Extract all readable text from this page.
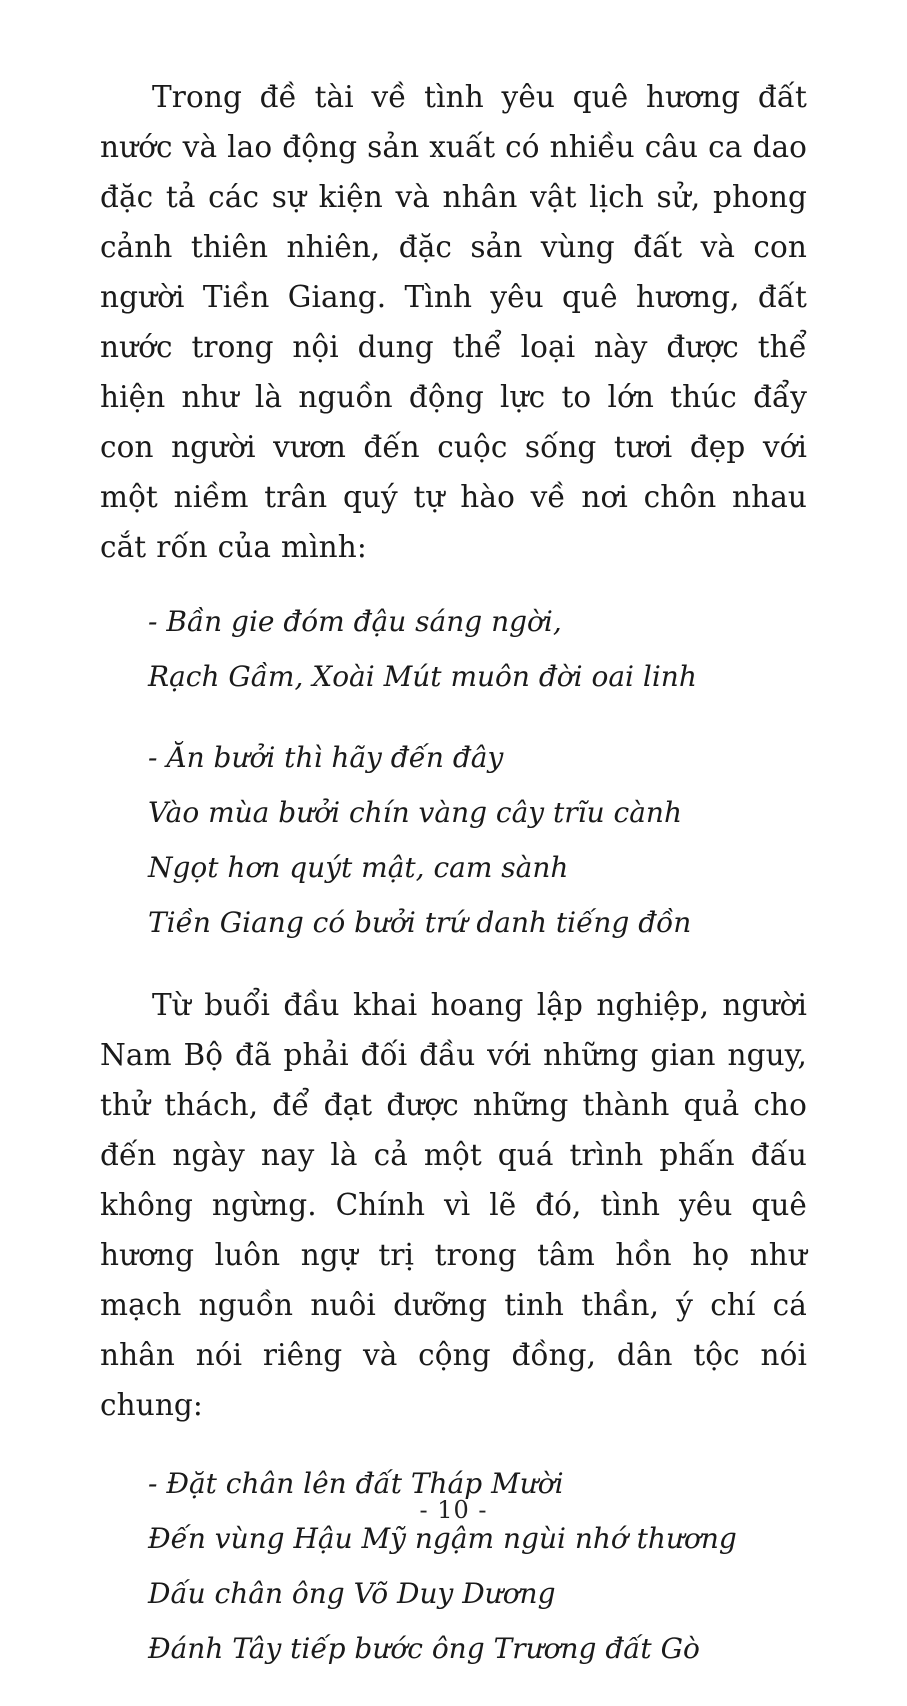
Trong đề tài về tình yêu quê hương đất nước và lao động sản xuất có nhiều câu ca dao đặc tả các sự kiện và nhân vật lịch sử, phong cảnh thiên nhiên, đặc sản vùng đất và con người Tiền Giang. Tình yêu quê hương, đất nước trong nội dung thể loại này được thể hiện như là nguồn động lực to lớn thúc đẩy con người vươn đến cuộc sống tươi đẹp với một niềm trân quý tự hào về nơi chôn nhau cắt rốn của mình:

- Bần gie đóm đậu sáng ngời,
Rạch Gầm, Xoài Mút muôn đời oai linh
- Ăn bưởi thì hãy đến đây
Vào mùa bưởi chín vàng cây trĩu cành
Ngọt hơn quýt mật, cam sành
Tiền Giang có bưởi trứ danh tiếng đồn

Từ buổi đầu khai hoang lập nghiệp, người Nam Bộ đã phải đối đầu với những gian nguy, thử thách, để đạt được những thành quả cho đến ngày nay là cả một quá trình phấn đấu không ngừng. Chính vì lẽ đó, tình yêu quê hương luôn ngự trị trong tâm hồn họ như mạch nguồn nuôi dưỡng tinh thần, ý chí cá nhân nói riêng và cộng đồng, dân tộc nói chung:

- Đặt chân lên đất Tháp Mười
Đến vùng Hậu Mỹ ngậm ngùi nhớ thương
Dấu chân ông Võ Duy Dương
Đánh Tây tiếp bước ông Trương đất Gò
- 10 -
